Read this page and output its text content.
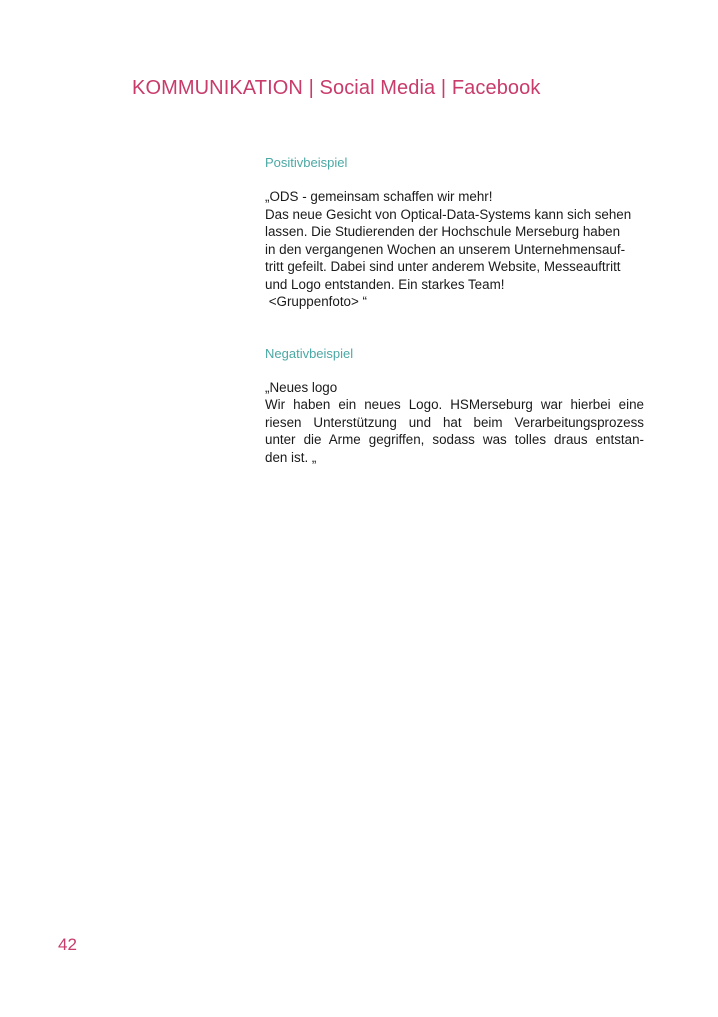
KOMMUNIKATION | Social Media | Facebook

Positivbeispiel

„ODS - gemeinsam schaffen wir mehr!
Das neue Gesicht von Optical-Data-Systems kann sich sehen
lassen. Die Studierenden der Hochschule Merseburg haben
in den vergangenen Wochen an unserem Unternehmensauf-
tritt gefeilt. Dabei sind unter anderem Website, Messeauftritt
und Logo entstanden. Ein starkes Team!
<Gruppenfoto> “

Negativbeispiel

„Neues logo
Wir haben ein neues Logo. HSMerseburg war hierbei eine
riesen Unterstützung und hat beim Verarbeitungsprozess
unter die Arme gegriffen, sodass was tolles draus entstan-
den ist. „

42
